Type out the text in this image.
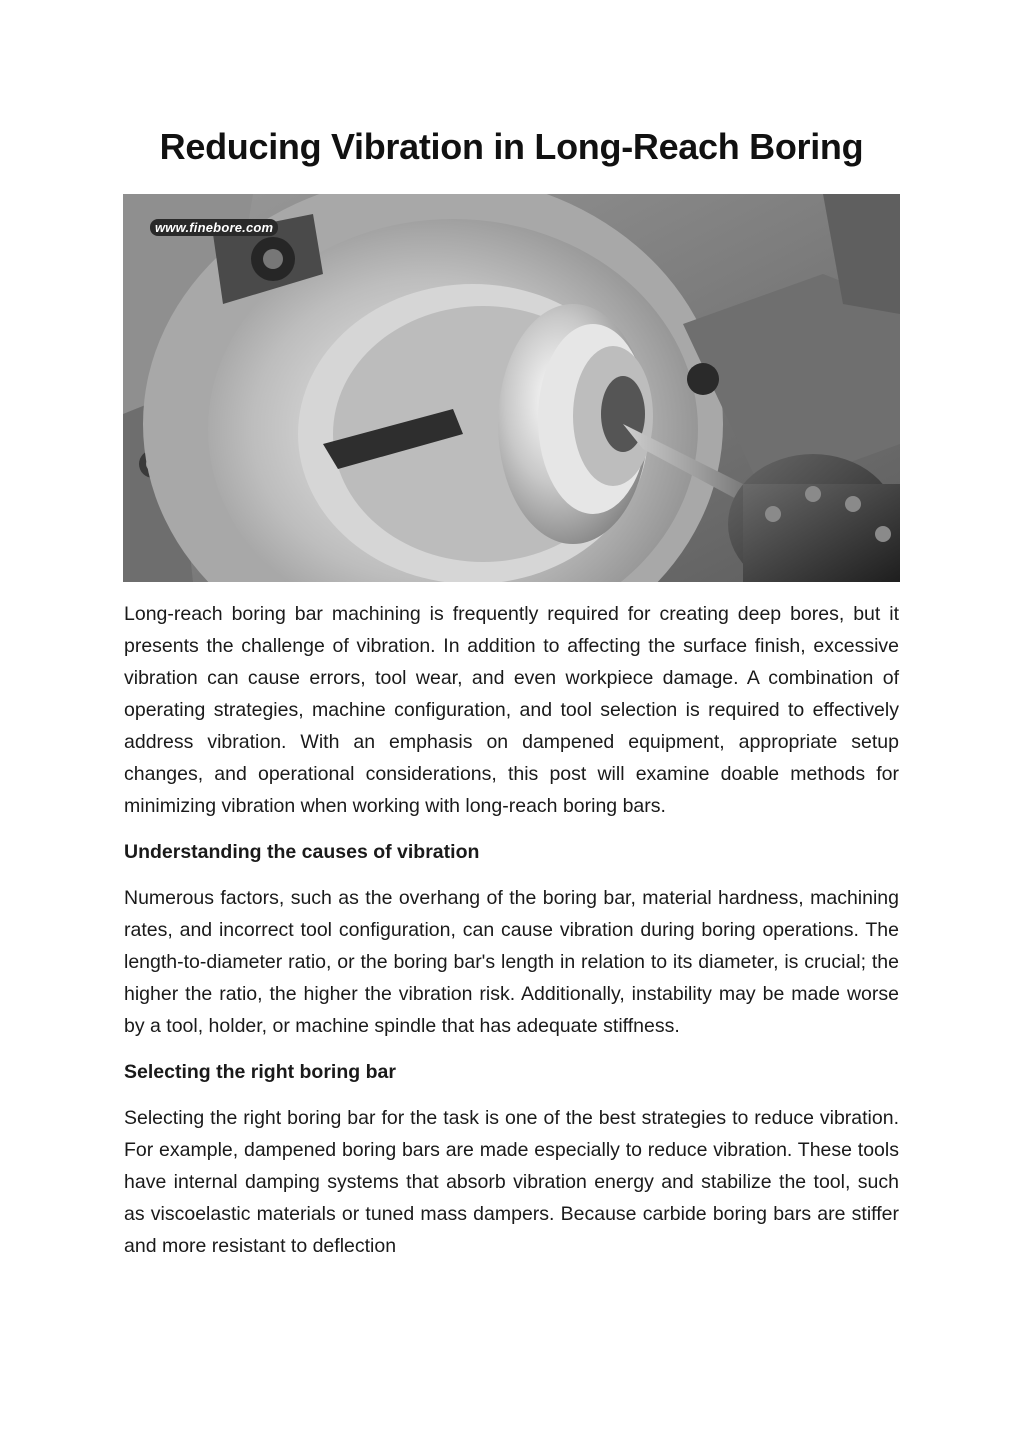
Reducing Vibration in Long-Reach Boring
www.finebore.com

Long-reach boring bar machining is frequently required for creating deep bores, but it presents the challenge of vibration. In addition to affecting the surface finish, excessive vibration can cause errors, tool wear, and even workpiece damage. A combination of operating strategies, machine configuration, and tool selection is required to effectively address vibration. With an emphasis on dampened equipment, appropriate setup changes, and operational considerations, this post will examine doable methods for minimizing vibration when working with long-reach boring bars.

Understanding the causes of vibration

Numerous factors, such as the overhang of the boring bar, material hardness, machining rates, and incorrect tool configuration, can cause vibration during boring operations. The length-to-diameter ratio, or the boring bar's length in relation to its diameter, is crucial; the higher the ratio, the higher the vibration risk. Additionally, instability may be made worse by a tool, holder, or machine spindle that has adequate stiffness.

Selecting the right boring bar

Selecting the right boring bar for the task is one of the best strategies to reduce vibration. For example, dampened boring bars are made especially to reduce vibration. These tools have internal damping systems that absorb vibration energy and stabilize the tool, such as viscoelastic materials or tuned mass dampers. Because carbide boring bars are stiffer and more resistant to deflection
